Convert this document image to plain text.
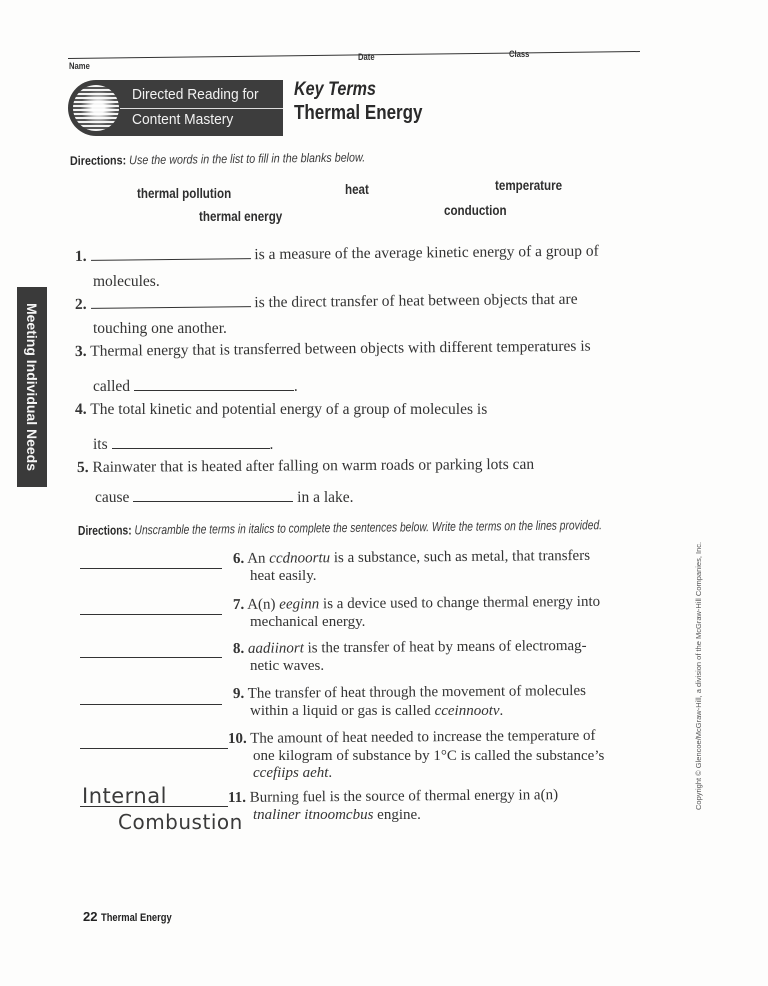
Name
Date	Class
Directed Reading for
Content Mastery
Key Terms
Thermal Energy
Meeting Individual Needs
Directions: Use the words in the list to fill in the blanks below.
thermal pollution	heat	temperature
thermal energy	conduction
1.	is a measure of the average kinetic energy of a group of
molecules.
2.	is the direct transfer of heat between objects that are
touching one another.
3. Thermal energy that is transferred between objects with different temperatures is
called	.
4. The total kinetic and potential energy of a group of molecules is
its	.
5. Rainwater that is heated after falling on warm roads or parking lots can
cause	in a lake.
Directions: Unscramble the terms in italics to complete the sentences below. Write the terms on the lines provided.
6. An ccdnoortu is a substance, such as metal, that transfers
heat easily.
7. A(n) eeginn is a device used to change thermal energy into
mechanical energy.
8. aadiinort is the transfer of heat by means of electromag-
netic waves.
9. The transfer of heat through the movement of molecules
within a liquid or gas is called cceinnootv.
10. The amount of heat needed to increase the temperature of
one kilogram of substance by 1°C is called the substance’s
ccefiips aeht.
Internal
Combustion
11. Burning fuel is the source of thermal energy in a(n)
tnaliner itnoomcbus engine.
Copyright © Glencoe/McGraw-Hill, a division of the McGraw-Hill Companies, Inc.
22 Thermal Energy
